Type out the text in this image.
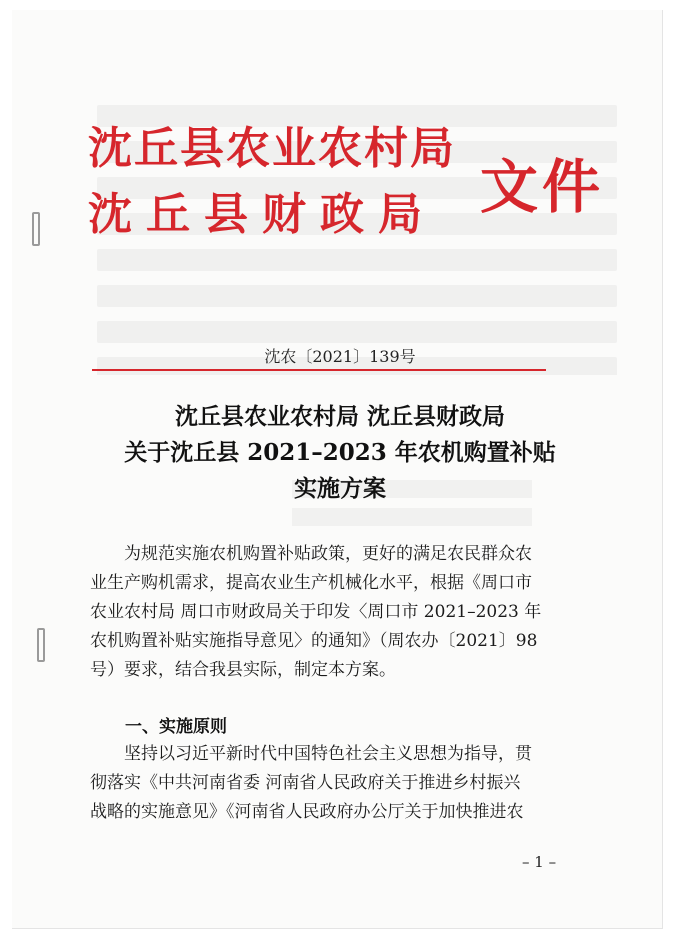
沈丘县农业农村局
沈丘县财政局 文件
沈农〔2021〕139号
沈丘县农业农村局 沈丘县财政局
关于沈丘县 2021–2023 年农机购置补贴
实施方案
为规范实施农机购置补贴政策，更好的满足农民群众农
业生产购机需求，提高农业生产机械化水平，根据《周口市
农业农村局 周口市财政局关于印发〈周口市 2021–2023 年
农机购置补贴实施指导意见〉的通知》（周农办〔2021〕98
号）要求，结合我县实际，制定本方案。
一、实施原则
坚持以习近平新时代中国特色社会主义思想为指导，贯
彻落实《中共河南省委 河南省人民政府关于推进乡村振兴
战略的实施意见》《河南省人民政府办公厅关于加快推进农
– 1 –
